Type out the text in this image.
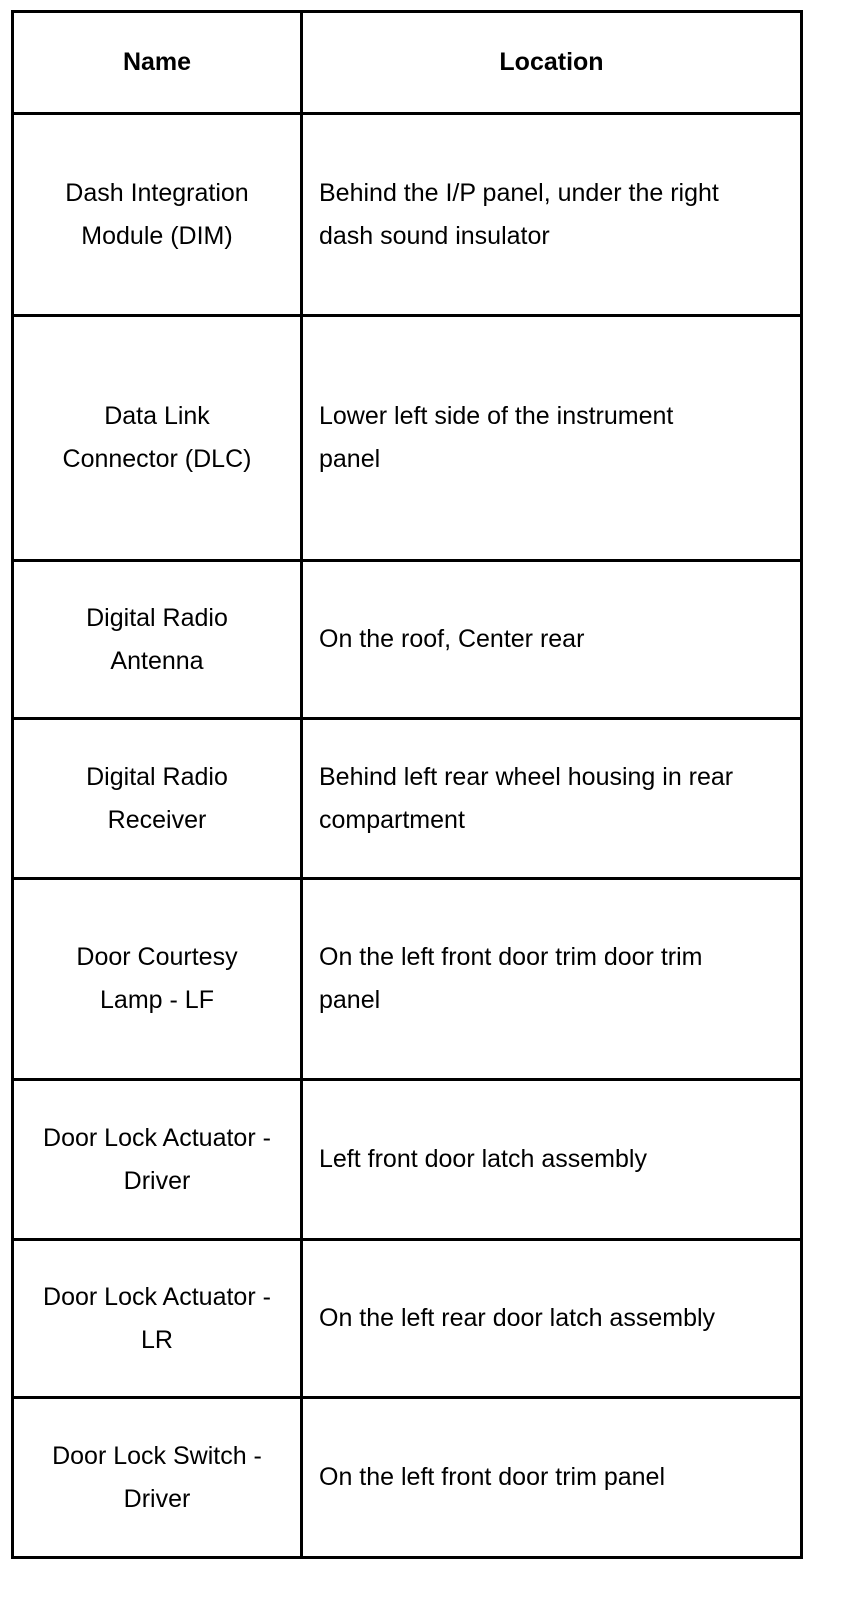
Name	Location
Dash Integration Module (DIM)
Behind the I/P panel, under the right dash sound insulator
Data Link Connector (DLC)
Lower left side of the instrument panel
Digital Radio Antenna
On the roof, Center rear
Digital Radio Receiver
Behind left rear wheel housing in rear compartment
Door Courtesy Lamp - LF
On the left front door trim door trim panel
Door Lock Actuator - Driver
Left front door latch assembly
Door Lock Actuator -LR
On the left rear door latch assembly
Door Lock Switch - Driver
On the left front door trim panel
